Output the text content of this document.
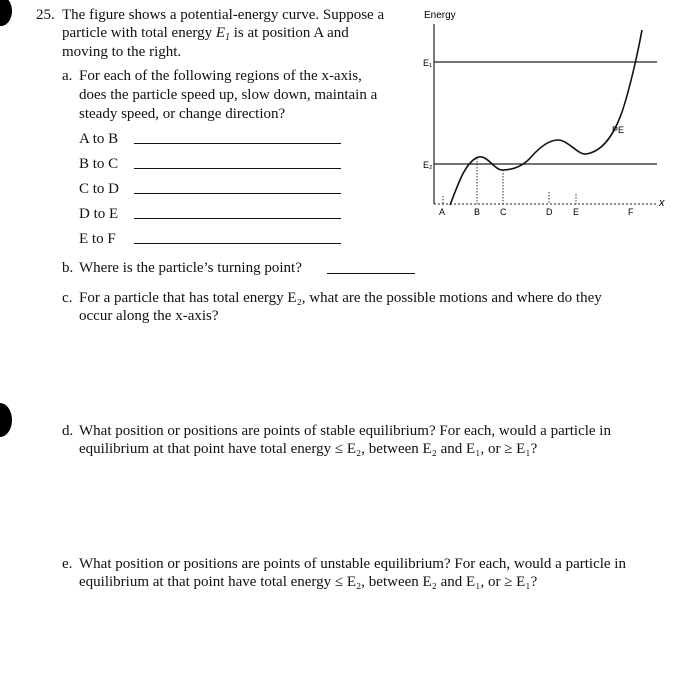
25. The figure shows a potential-energy curve. Suppose a
particle with total energy $E_1$ is at position A and
moving to the right.
a. For each of the following regions of the x-axis,
does the particle speed up, slow down, maintain a
steady speed, or change direction?
A to B
B to C
C to D
D to E
E to F
b. Where is the particle’s turning point?
c. For a particle that has total energy E₂, what are the possible motions and where do they
occur along the x-axis?
d. What position or positions are points of stable equilibrium? For each, would a particle in
equilibrium at that point have total energy ≤ E₂, between E₂ and E₁, or ≥ E₁?
e. What position or positions are points of unstable equilibrium? For each, would a particle in
equilibrium at that point have total energy ≤ E₂, between E₂ and E₁, or ≥ E₁?
Energy
x
E₁
E₂
PE
A	B C	D E	F
